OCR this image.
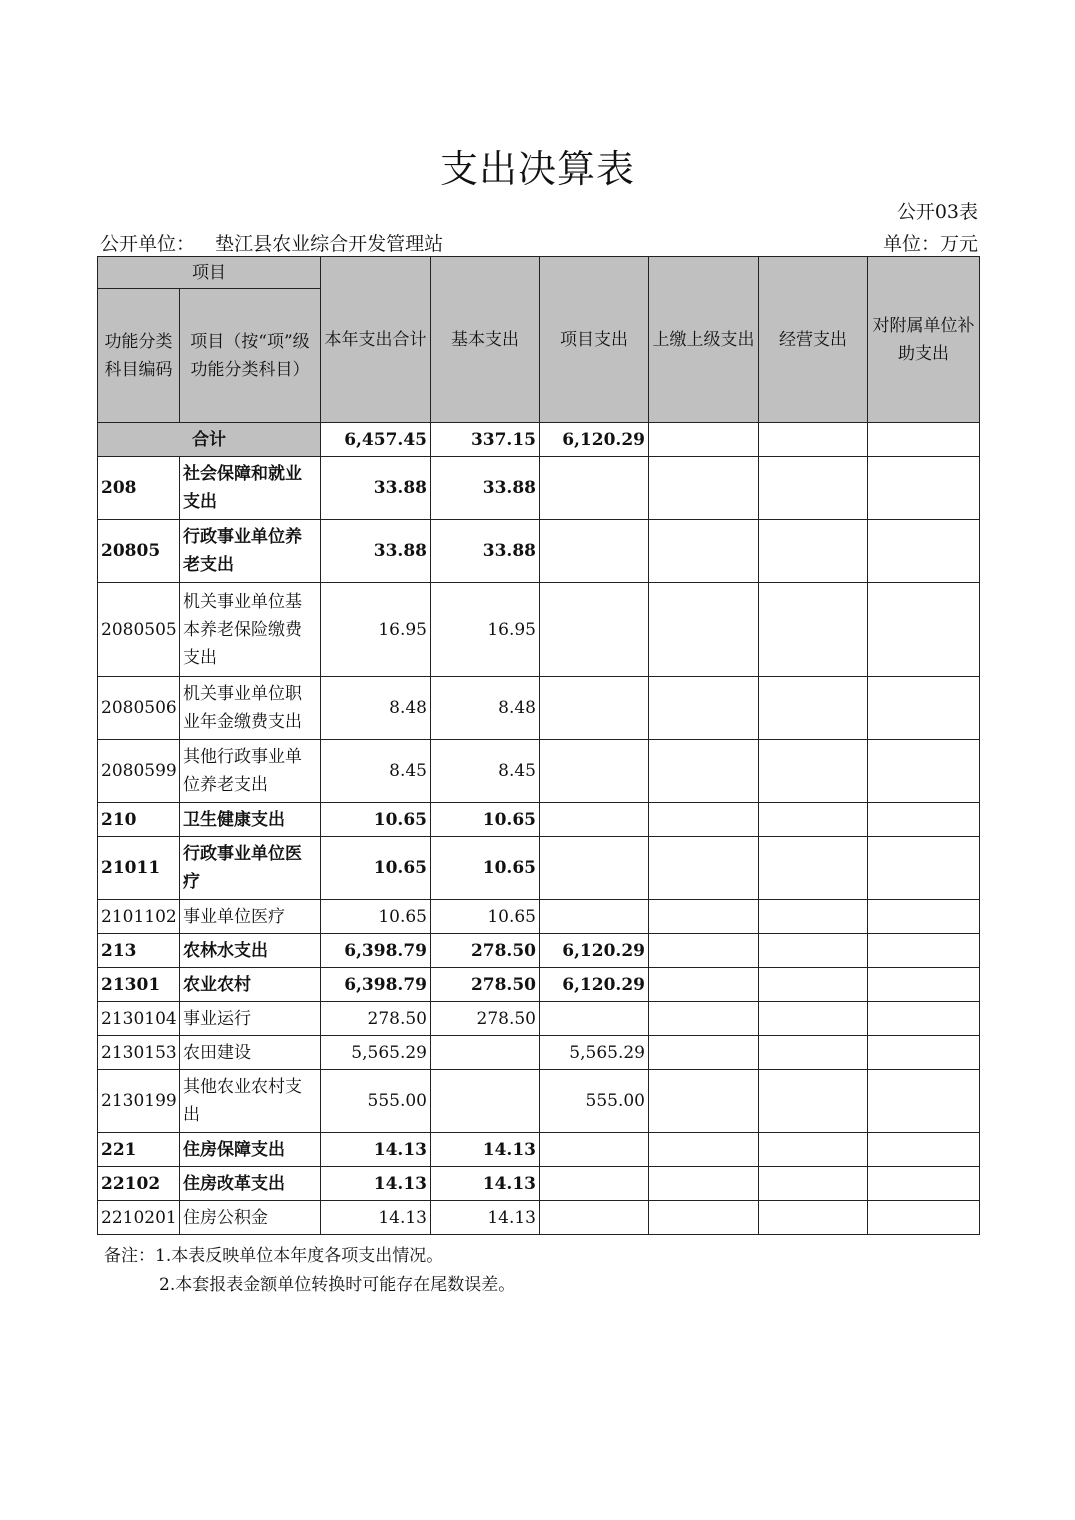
支出决算表
公开03表
公开单位： 垫江县农业综合开发管理站	单位：万元
项目		本年支出合计	基本支出	项目支出	上缴上级支出	经营支出	对附属单位补助支出
功能分类科目编码	项目（按“项”级功能分类科目）						
合计		6,457.45	337.15	6,120.29			
208	社会保障和就业支出	33.88	33.88				
20805	行政事业单位养老支出	33.88	33.88				
2080505	机关事业单位基本养老保险缴费支出	16.95	16.95				
2080506	机关事业单位职业年金缴费支出	8.48	8.48				
2080599	其他行政事业单位养老支出	8.45	8.45				
210	卫生健康支出	10.65	10.65				
21011	行政事业单位医疗	10.65	10.65				
2101102	事业单位医疗	10.65	10.65				
213	农林水支出	6,398.79	278.50	6,120.29			
21301	农业农村	6,398.79	278.50	6,120.29			
2130104	事业运行	278.50	278.50				
2130153	农田建设	5,565.29		5,565.29			
2130199	其他农业农村支出	555.00		555.00			
221	住房保障支出	14.13	14.13				
22102	住房改革支出	14.13	14.13				
2210201	住房公积金	14.13	14.13				
备注：1.本表反映单位本年度各项支出情况。
2.本套报表金额单位转换时可能存在尾数误差。
